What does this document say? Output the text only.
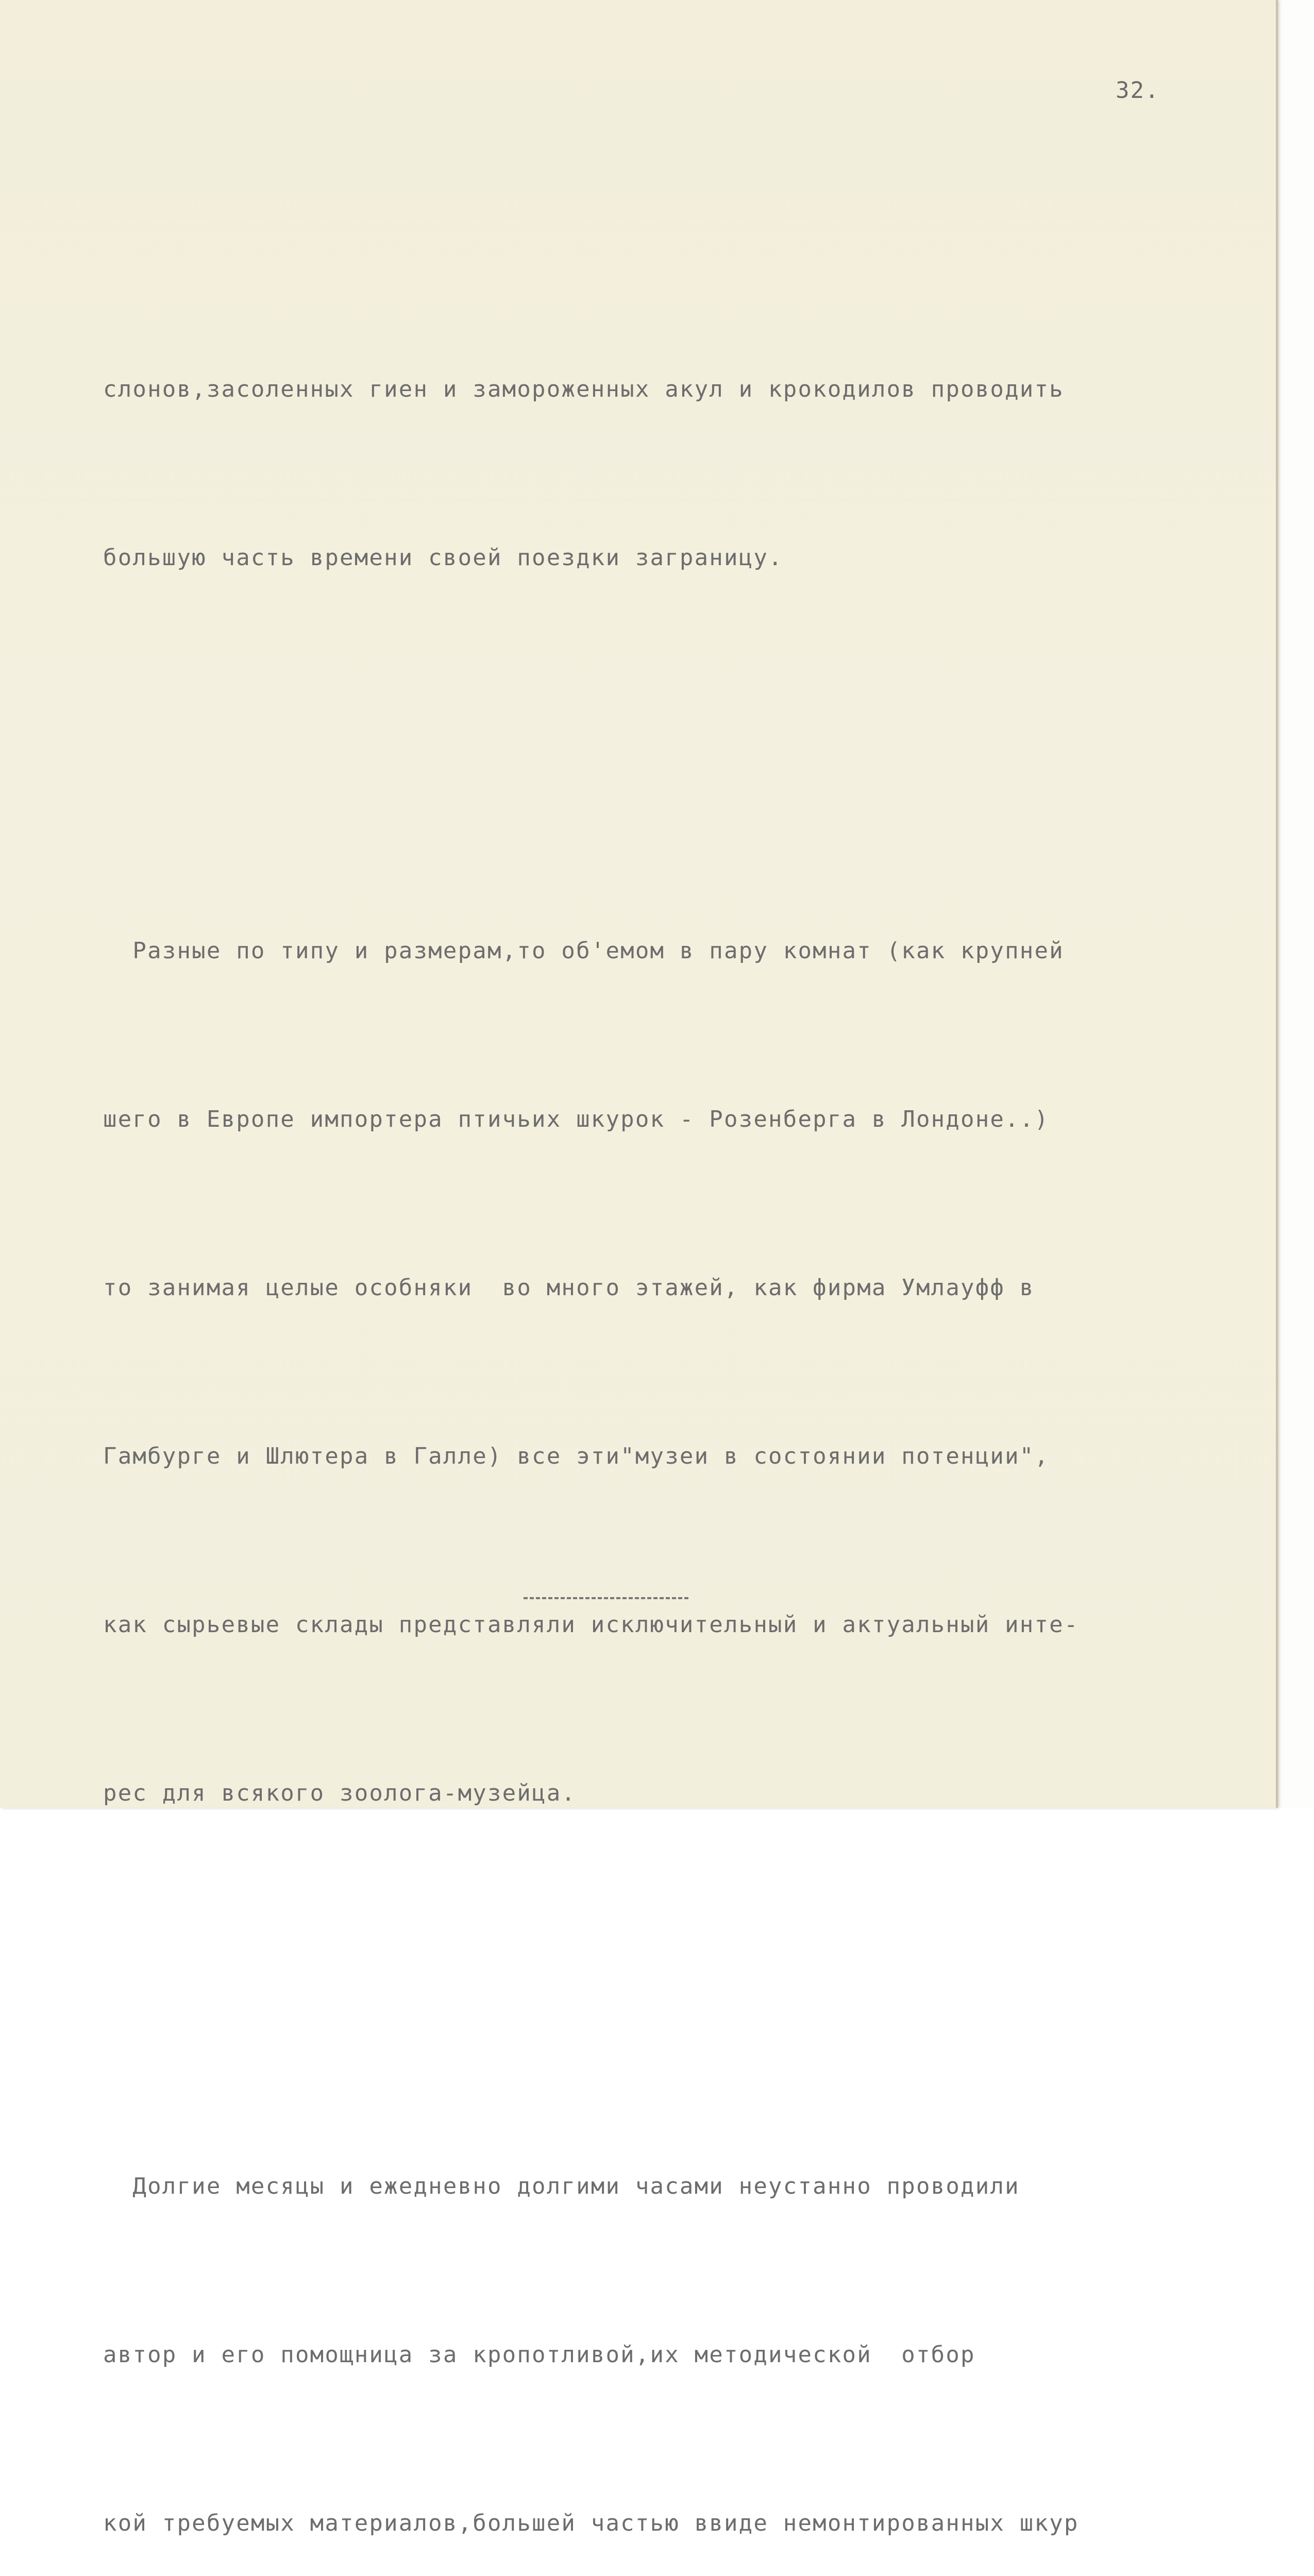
32.

слонов,засоленных гиен и замороженных акул и крокодилов проводить

большую часть времени своей поездки заграницу.

Разные по типу и размерам,то об'емом в пару комнат (как крупней

шего в Европе импортера птичьих шкурок - Розенберга в Лондоне..)

то занимая целые особняки  во много этажей, как фирма Умлауфф в

Гамбурге и Шлютера в Галле) все эти"музеи в состоянии потенции",

как сырьевые склады представляли исключительный и актуальный инте-

рес для всякого зоолога-музейца.

Долгие месяцы и ежедневно долгими часами неустанно проводили

автор и его помощница за кропотливой,их методической  отбор

кой требуемых материалов,большей частью ввиде немонтированных шкур
